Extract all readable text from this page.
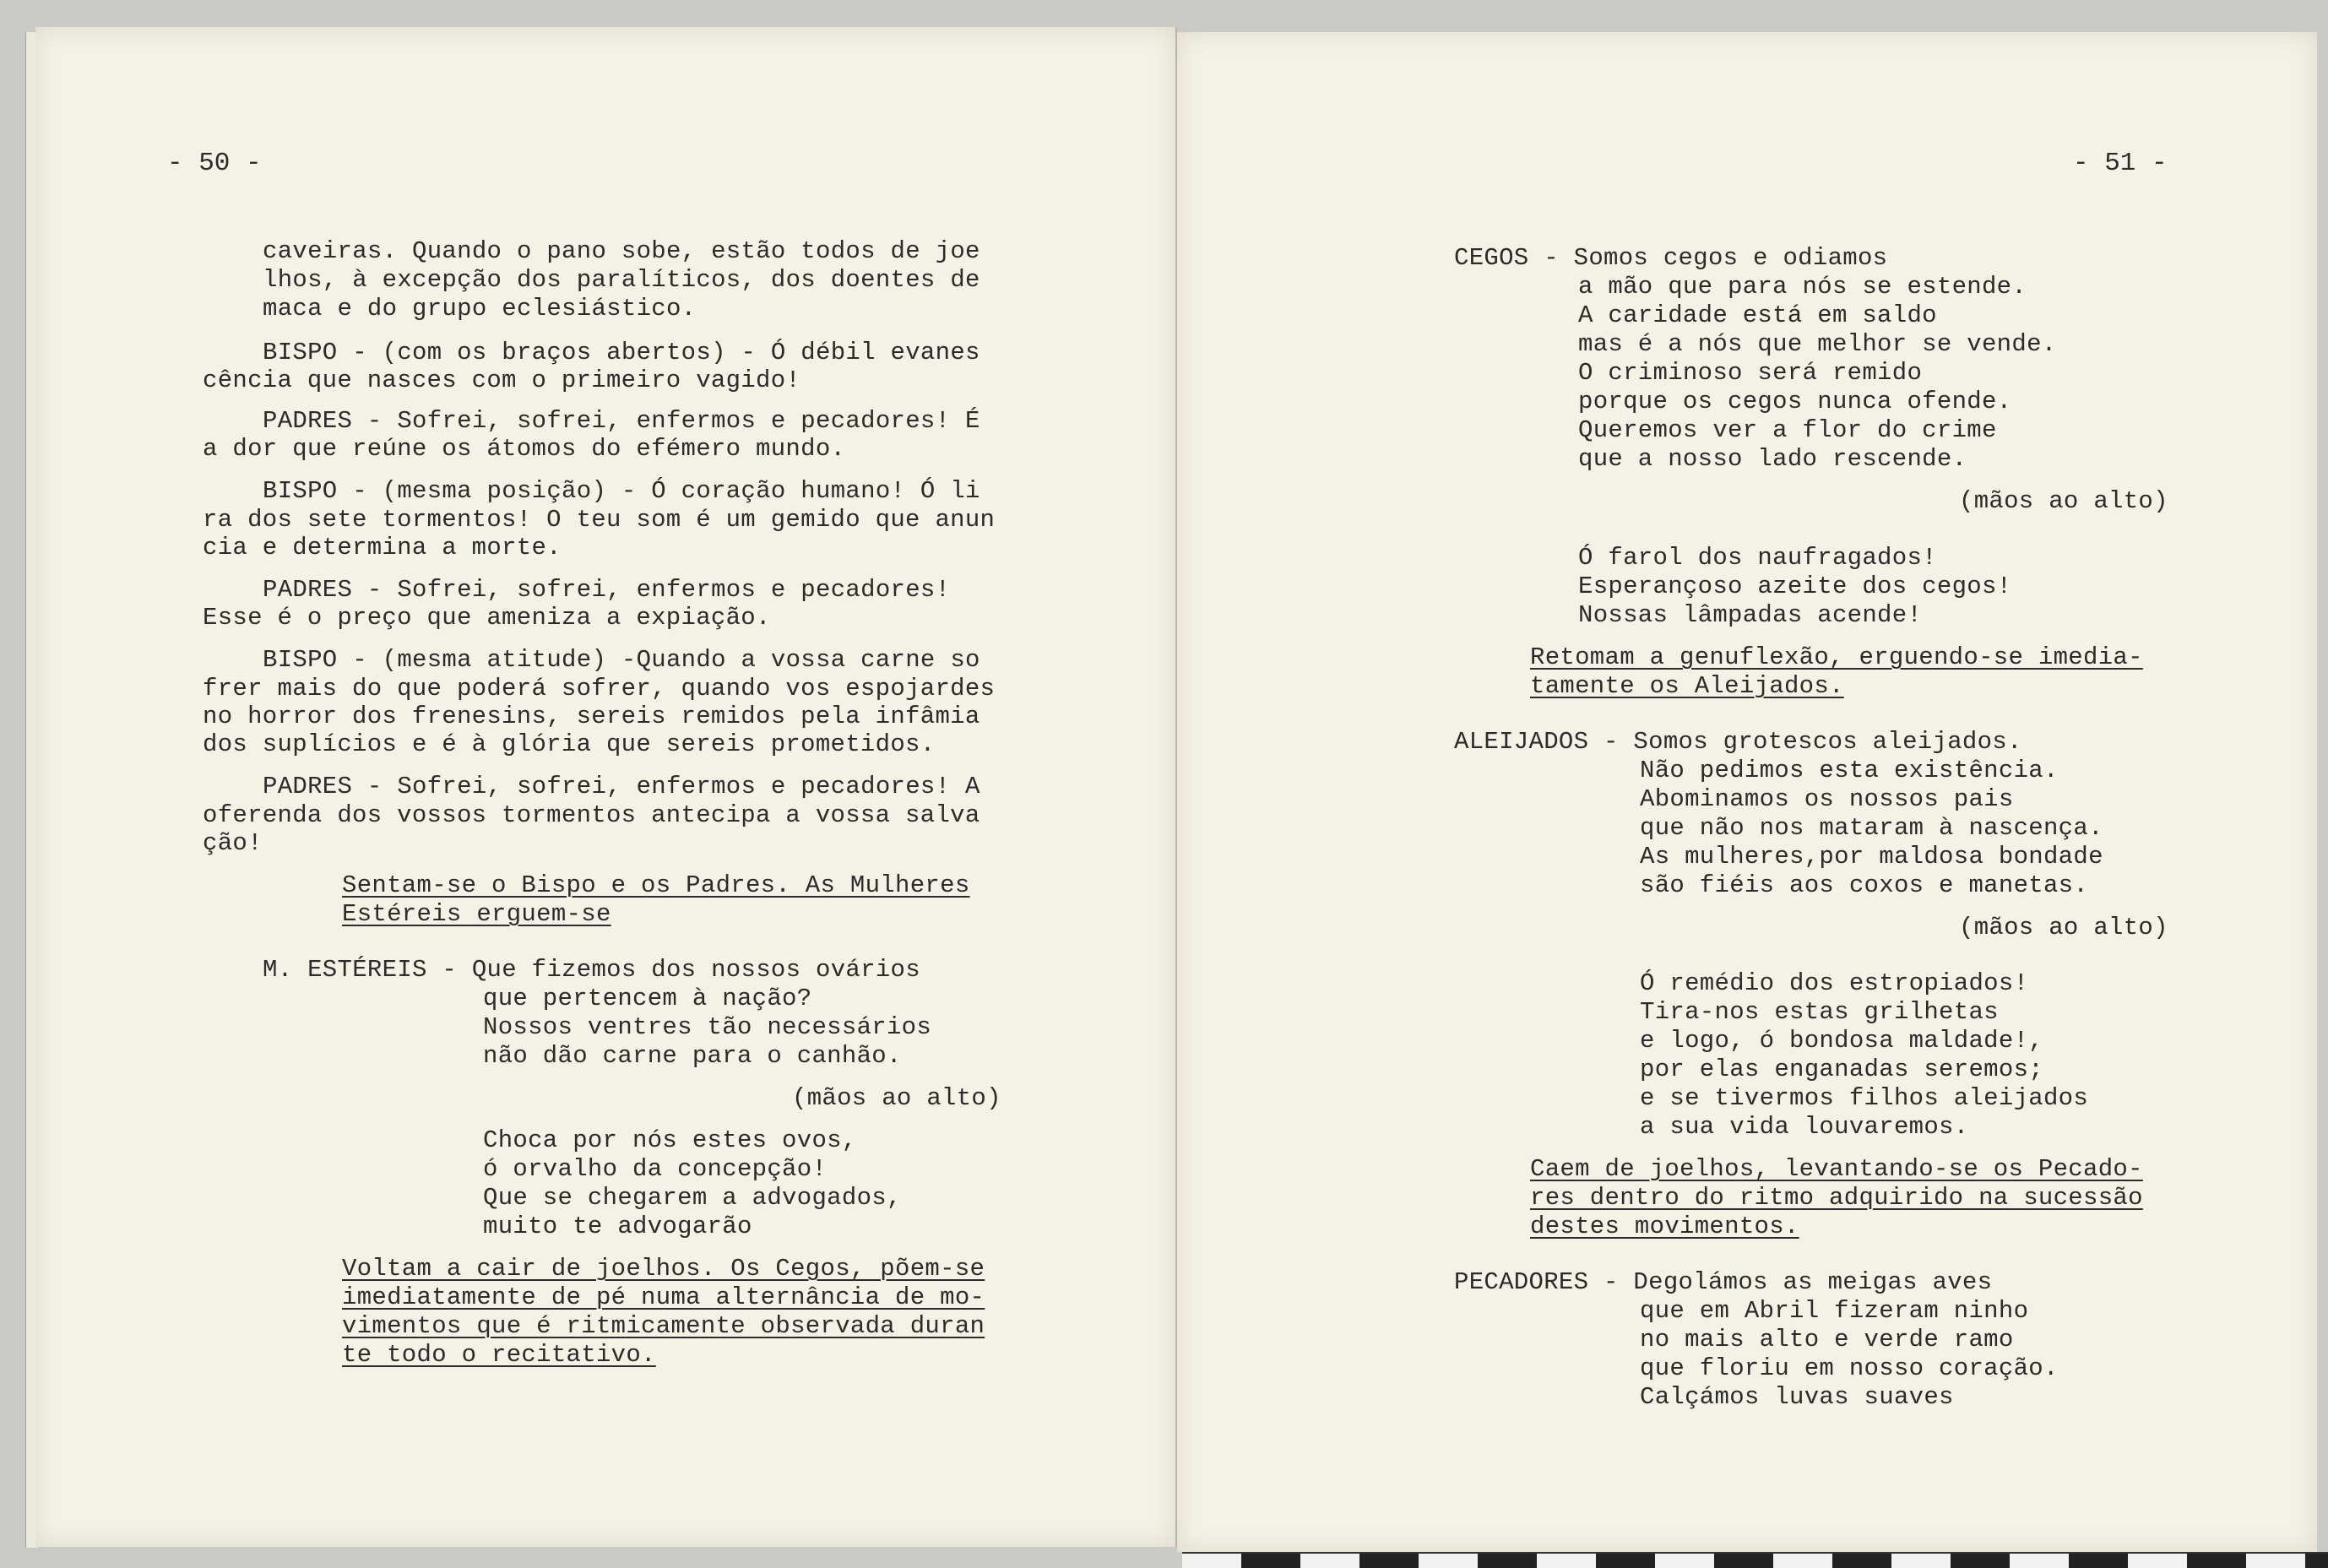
- 50 -	- 51 -
caveiras. Quando o pano sobe, estão todos de joe
lhos, à excepção dos paralíticos, dos doentes de
maca e do grupo eclesiástico.
BISPO - (com os braços abertos) - Ó débil evanes
cência que nasces com o primeiro vagido!
PADRES - Sofrei, sofrei, enfermos e pecadores! É
a dor que reúne os átomos do efémero mundo.
BISPO - (mesma posição) - Ó coração humano! Ó li
ra dos sete tormentos! O teu som é um gemido que anun
cia e determina a morte.
PADRES - Sofrei, sofrei, enfermos e pecadores!
Esse é o preço que ameniza a expiação.
BISPO - (mesma atitude) -Quando a vossa carne so
frer mais do que poderá sofrer, quando vos espojardes
no horror dos frenesins, sereis remidos pela infâmia
dos suplícios e é à glória que sereis prometidos.
PADRES - Sofrei, sofrei, enfermos e pecadores! A
oferenda dos vossos tormentos antecipa a vossa salva
ção!
Sentam-se o Bispo e os Padres. As Mulheres
Estéreis erguem-se
M. ESTÉREIS - Que fizemos dos nossos ovários
que pertencem à nação?
Nossos ventres tão necessários
não dão carne para o canhão.
(mãos ao alto)
Choca por nós estes ovos,
ó orvalho da concepção!
Que se chegarem a advogados,
muito te advogarão
Voltam a cair de joelhos. Os Cegos, põem-se
imediatamente de pé numa alternância de mo-
vimentos que é ritmicamente observada duran
te todo o recitativo.
CEGOS - Somos cegos e odiamos
a mão que para nós se estende.
A caridade está em saldo
mas é a nós que melhor se vende.
O criminoso será remido
porque os cegos nunca ofende.
Queremos ver a flor do crime
que a nosso lado rescende.
(mãos ao alto)
Ó farol dos naufragados!
Esperançoso azeite dos cegos!
Nossas lâmpadas acende!
Retomam a genuflexão, erguendo-se imedia-
tamente os Aleijados.
ALEIJADOS - Somos grotescos aleijados.
Não pedimos esta existência.
Abominamos os nossos pais
que não nos mataram à nascença.
As mulheres,por maldosa bondade
são fiéis aos coxos e manetas.
(mãos ao alto)
Ó remédio dos estropiados!
Tira-nos estas grilhetas
e logo, ó bondosa maldade!,
por elas enganadas seremos;
e se tivermos filhos aleijados
a sua vida louvaremos.
Caem de joelhos, levantando-se os Pecado-
res dentro do ritmo adquirido na sucessão
destes movimentos.
PECADORES - Degolámos as meigas aves
que em Abril fizeram ninho
no mais alto e verde ramo
que floriu em nosso coração.
Calçámos luvas suaves
